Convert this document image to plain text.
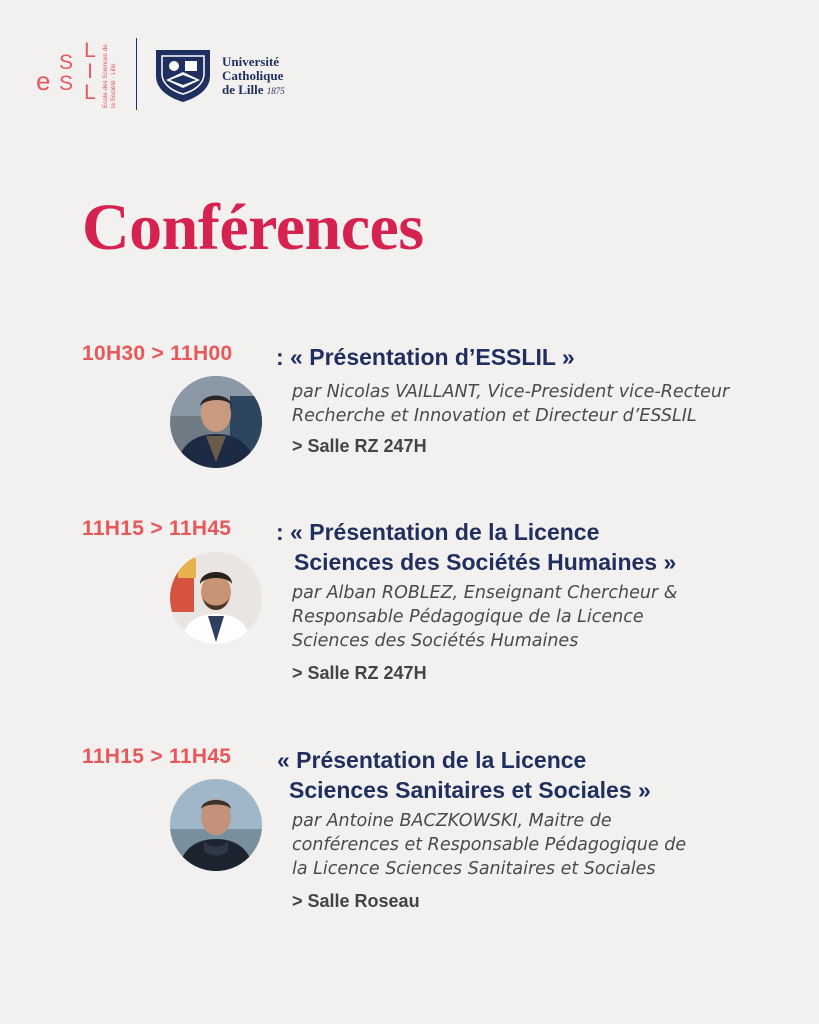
e
S
S
L
I
L Ecole des Sciences de la Société · Lille
Université
Catholique
de Lille 1875
Conférences
10H30 > 11H00 : « Présentation d’ESSLIL »
par Nicolas VAILLANT, Vice-President vice-Recteur
Recherche et Innovation et Directeur d’ESSLIL
> Salle RZ 247H
11H15 > 11H45 : « Présentation de la Licence
Sciences des Sociétés Humaines »
par Alban ROBLEZ, Enseignant Chercheur &
Responsable Pédagogique de la Licence
Sciences des Sociétés Humaines
> Salle RZ 247H
11H15 > 11H45 « Présentation de la Licence
Sciences Sanitaires et Sociales »
par Antoine BACZKOWSKI, Maitre de
conférences et Responsable Pédagogique de
la Licence Sciences Sanitaires et Sociales
> Salle Roseau
